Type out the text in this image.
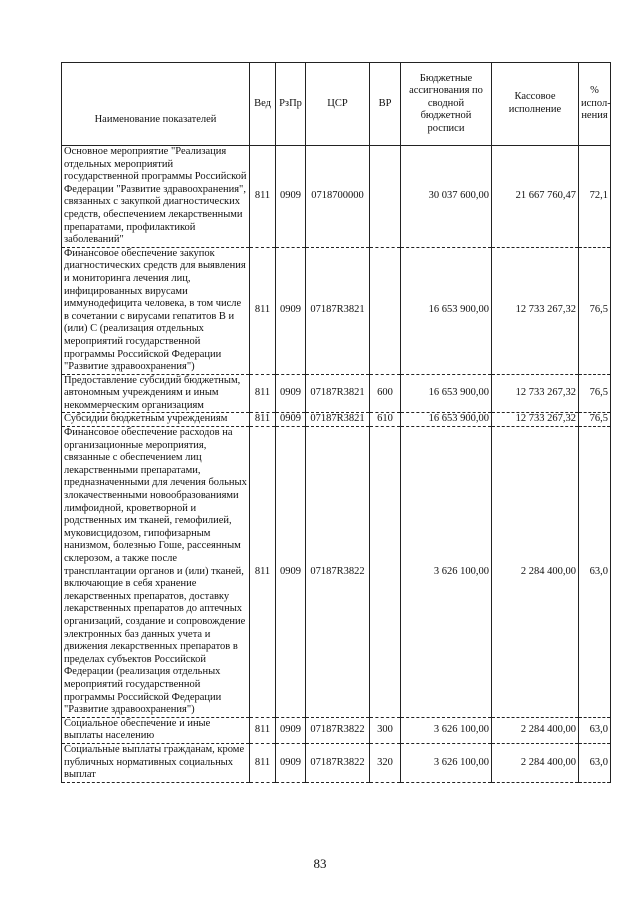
Наименование показателей	Вед	РзПр	ЦСР	ВР	Бюджетные ассигнования по сводной бюджетной росписи	Кассовое исполнение	% испол-нения
Основное мероприятие "Реализация отдельных мероприятий государственной программы Российской Федерации "Развитие здравоохранения", связанных с закупкой диагностических средств, обеспечением лекарственными препаратами, профилактикой заболеваний"	811	0909	0718700000		30 037 600,00	21 667 760,47	72,1
Финансовое обеспечение закупок диагностических средств для выявления и мониторинга лечения лиц, инфицированных вирусами иммунодефицита человека, в том числе в сочетании с вирусами гепатитов В и (или) С (реализация отдельных мероприятий государственной программы Российской Федерации "Развитие здравоохранения")	811	0909	07187R3821		16 653 900,00	12 733 267,32	76,5
Предоставление субсидий бюджетным, автономным учреждениям и иным некоммерческим организациям	811	0909	07187R3821	600	16 653 900,00	12 733 267,32	76,5
Субсидии бюджетным учреждениям	811	0909	07187R3821	610	16 653 900,00	12 733 267,32	76,5
Финансовое обеспечение расходов на организационные мероприятия, связанные с обеспечением лиц лекарственными препаратами, предназначенными для лечения больных злокачественными новообразованиями лимфоидной, кроветворной и родственных им тканей, гемофилией, муковисцидозом, гипофизарным нанизмом, болезнью Гоше, рассеянным склерозом, а также после трансплантации органов и (или) тканей, включающие в себя хранение лекарственных препаратов, доставку лекарственных препаратов до аптечных организаций, создание и сопровождение электронных баз данных учета и движения лекарственных препаратов в пределах субъектов Российской Федерации (реализация отдельных мероприятий государственной программы Российской Федерации "Развитие здравоохранения")	811	0909	07187R3822		3 626 100,00	2 284 400,00	63,0
Социальное обеспечение и иные выплаты населению	811	0909	07187R3822	300	3 626 100,00	2 284 400,00	63,0
Социальные выплаты гражданам, кроме публичных нормативных социальных выплат	811	0909	07187R3822	320	3 626 100,00	2 284 400,00	63,0
83
